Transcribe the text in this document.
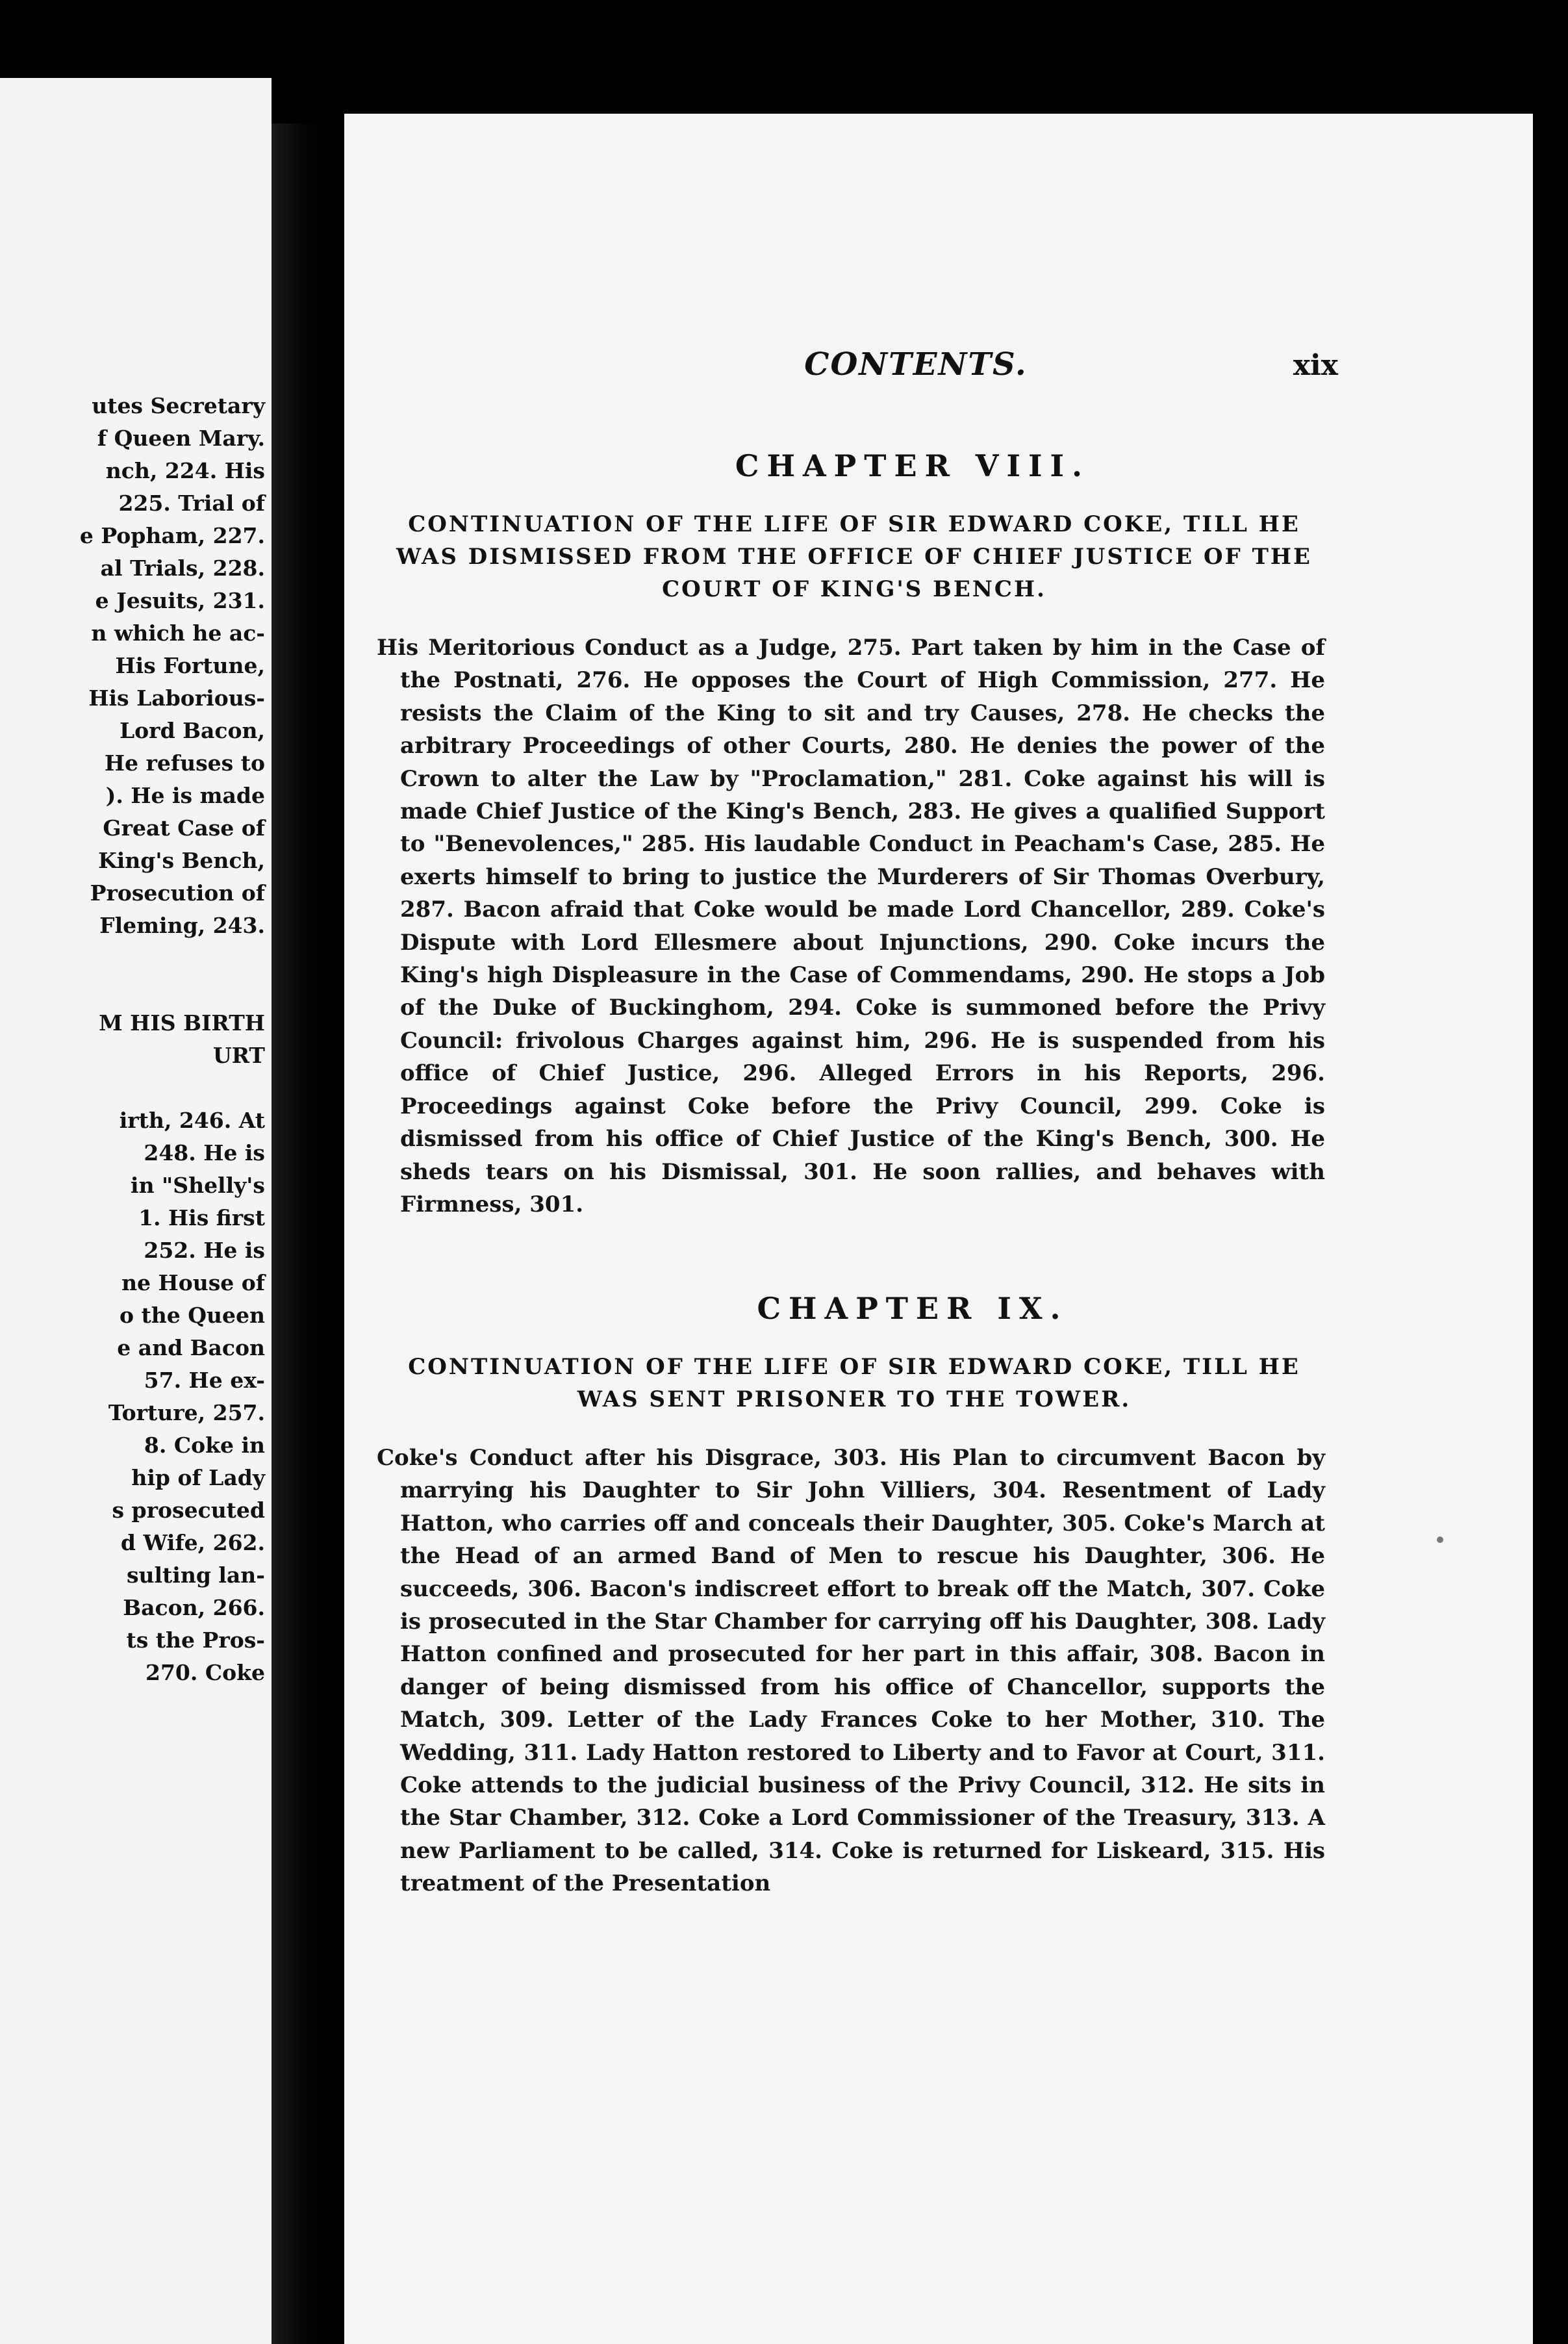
utes Secretary
f Queen Mary.
nch, 224. His
225. Trial of
e Popham, 227.
al Trials, 228.
e Jesuits, 231.
n which he ac-
His Fortune,
His Laborious-
Lord Bacon,
He refuses to
). He is made
Great Case of
King's Bench,
Prosecution of
Fleming, 243.
M HIS BIRTH
URT
irth, 246. At
248. He is
in "Shelly's
1. His first
252. He is
ne House of
o the Queen
e and Bacon
57. He ex-
Torture, 257.
8. Coke in
hip of Lady
s prosecuted
d Wife, 262.
sulting lan-
Bacon, 266.
ts the Pros-
270. Coke
CONTENTS.	xix
CHAPTER VIII.
CONTINUATION OF THE LIFE OF SIR EDWARD COKE, TILL HE WAS DISMISSED FROM THE OFFICE OF CHIEF JUSTICE OF THE COURT OF KING'S BENCH.
His Meritorious Conduct as a Judge, 275. Part taken by him in the Case of the Postnati, 276. He opposes the Court of High Commission, 277. He resists the Claim of the King to sit and try Causes, 278. He checks the arbitrary Proceedings of other Courts, 280. He denies the power of the Crown to alter the Law by "Proclamation," 281. Coke against his will is made Chief Justice of the King's Bench, 283. He gives a qualified Support to "Benevolences," 285. His laudable Conduct in Peacham's Case, 285. He exerts himself to bring to justice the Murderers of Sir Thomas Overbury, 287. Bacon afraid that Coke would be made Lord Chancellor, 289. Coke's Dispute with Lord Ellesmere about Injunctions, 290. Coke incurs the King's high Displeasure in the Case of Commendams, 290. He stops a Job of the Duke of Buckinghom, 294. Coke is summoned before the Privy Council: frivolous Charges against him, 296. He is suspended from his office of Chief Justice, 296. Alleged Errors in his Reports, 296. Proceedings against Coke before the Privy Council, 299. Coke is dismissed from his office of Chief Justice of the King's Bench, 300. He sheds tears on his Dismissal, 301. He soon rallies, and behaves with Firmness, 301.
CHAPTER IX.
CONTINUATION OF THE LIFE OF SIR EDWARD COKE, TILL HE WAS SENT PRISONER TO THE TOWER.
Coke's Conduct after his Disgrace, 303. His Plan to circumvent Bacon by marrying his Daughter to Sir John Villiers, 304. Resentment of Lady Hatton, who carries off and conceals their Daughter, 305. Coke's March at the Head of an armed Band of Men to rescue his Daughter, 306. He succeeds, 306. Bacon's indiscreet effort to break off the Match, 307. Coke is prosecuted in the Star Chamber for carrying off his Daughter, 308. Lady Hatton confined and prosecuted for her part in this affair, 308. Bacon in danger of being dismissed from his office of Chancellor, supports the Match, 309. Letter of the Lady Frances Coke to her Mother, 310. The Wedding, 311. Lady Hatton restored to Liberty and to Favor at Court, 311. Coke attends to the judicial business of the Privy Council, 312. He sits in the Star Chamber, 312. Coke a Lord Commissioner of the Treasury, 313. A new Parliament to be called, 314. Coke is returned for Liskeard, 315. His treatment of the Presentation
